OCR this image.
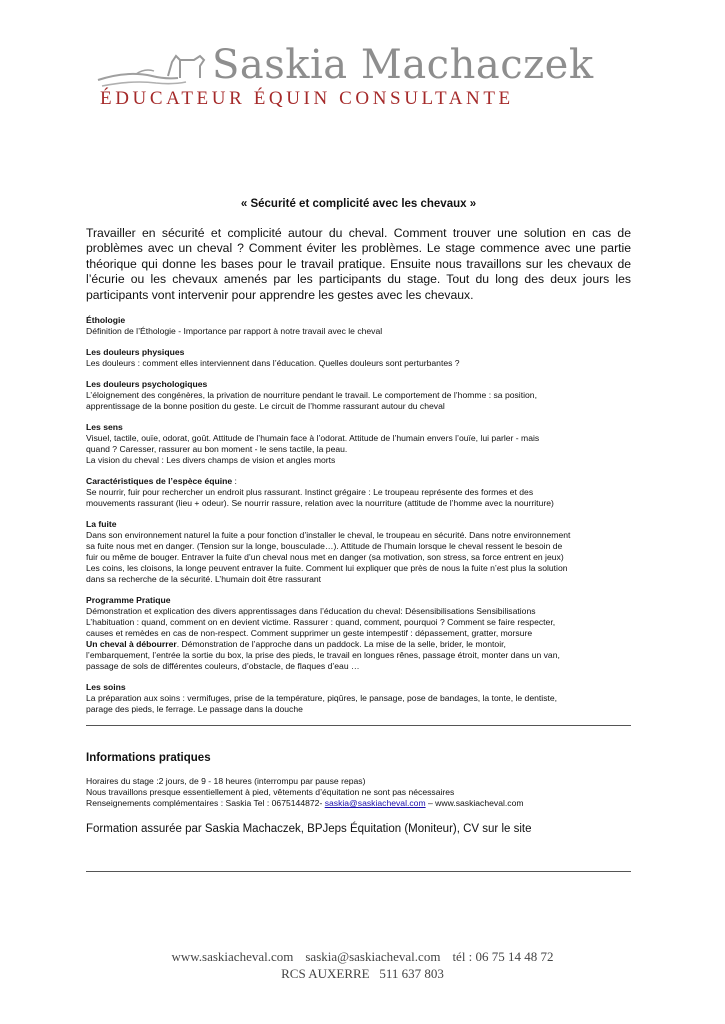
Saskia Machaczek
ÉDUCATEUR ÉQUIN CONSULTANTE
« Sécurité et complicité avec les chevaux »

Travailler en sécurité et complicité autour du cheval. Comment trouver une solution en cas de problèmes avec un cheval ? Comment éviter les problèmes. Le stage commence avec une partie théorique qui donne les bases pour le travail pratique. Ensuite nous travaillons sur les chevaux de l’écurie ou les chevaux amenés par les participants du stage. Tout du long des deux jours les participants vont intervenir pour apprendre les gestes avec les chevaux.

Éthologie
Définition de l’Éthologie - Importance par rapport à notre travail avec le cheval
Les douleurs physiques
Les douleurs : comment elles interviennent dans l’éducation. Quelles douleurs sont perturbantes ?
Les douleurs psychologiques
L’éloignement des congénères, la privation de nourriture pendant le travail. Le comportement de l’homme : sa position,
apprentissage de la bonne position du geste. Le circuit de l’homme rassurant autour du cheval
Les sens
Visuel, tactile, ouïe, odorat, goût. Attitude de l’humain face à l’odorat. Attitude de l’humain envers l’ouïe, lui parler - mais
quand ? Caresser, rassurer au bon moment - le sens tactile, la peau.
La vision du cheval : Les divers champs de vision et angles morts
Caractéristiques de l’espèce équine :
Se nourrir, fuir pour rechercher un endroit plus rassurant. Instinct grégaire : Le troupeau représente des formes et des
mouvements rassurant (lieu + odeur). Se nourrir rassure, relation avec la nourriture (attitude de l’homme avec la nourriture)
La fuite
Dans son environnement naturel la fuite a pour fonction d’installer le cheval, le troupeau en sécurité. Dans notre environnement
sa fuite nous met en danger. (Tension sur la longe, bousculade…). Attitude de l’humain lorsque le cheval ressent le besoin de
fuir ou même de bouger. Entraver la fuite d’un cheval nous met en danger (sa motivation, son stress, sa force entrent en jeux)
Les coins, les cloisons, la longe peuvent entraver la fuite. Comment lui expliquer que près de nous la fuite n’est plus la solution
dans sa recherche de la sécurité. L’humain doit être rassurant
Programme Pratique
Démonstration et explication des divers apprentissages dans l’éducation du cheval: Désensibilisations Sensibilisations
L’habituation : quand, comment on en devient victime. Rassurer : quand, comment, pourquoi ? Comment se faire respecter,
causes et remèdes en cas de non-respect. Comment supprimer un geste intempestif : dépassement, gratter, morsure
Un cheval à débourrer. Démonstration de l’approche dans un paddock. La mise de la selle, brider, le montoir,
l’embarquement, l’entrée la sortie du box, la prise des pieds, le travail en longues rênes, passage étroit, monter dans un van,
passage de sols de différentes couleurs, d’obstacle, de flaques d’eau …
Les soins
La préparation aux soins : vermifuges, prise de la température, piqûres, le pansage, pose de bandages, la tonte, le dentiste,
parage des pieds, le ferrage. Le passage dans la douche
Informations pratiques
Horaires du stage :2 jours, de 9 - 18 heures (interrompu par pause repas)
Nous travaillons presque essentiellement à pied, vêtements d’équitation ne sont pas nécessaires
Renseignements complémentaires : Saskia Tel : 0675144872- saskia@saskiacheval.com – www.saskiacheval.com
Formation assurée par Saskia Machaczek, BPJeps Équitation (Moniteur), CV sur le site
www.saskiacheval.com saskia@saskiacheval.com tél : 06 75 14 48 72
RCS AUXERRE   511 637 803
